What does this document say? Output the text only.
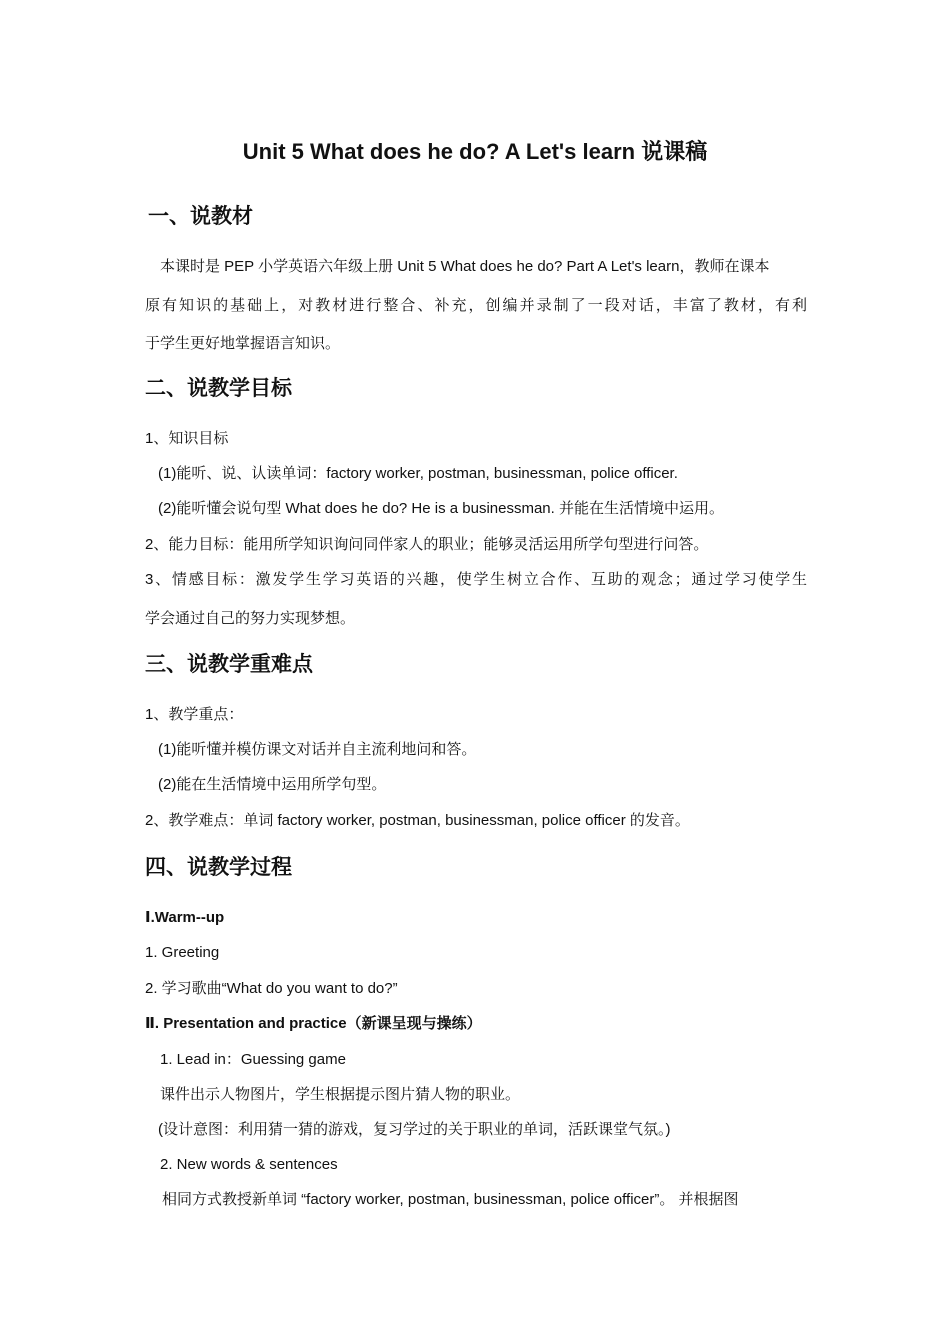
Unit 5 What does he do? A Let's learn 说课稿
一、说教材
本课时是 PEP 小学英语六年级上册 Unit 5 What does he do? Part A Let's learn，教师在课本
原有知识的基础上，对教材进行整合、补充，创编并录制了一段对话，丰富了教材，有利
于学生更好地掌握语言知识。
二、说教学目标
1、知识目标
(1)能听、说、认读单词：factory worker, postman, businessman, police officer.
(2)能听懂会说句型 What does he do? He is a businessman. 并能在生活情境中运用。
2、能力目标：能用所学知识询问同伴家人的职业；能够灵活运用所学句型进行问答。
3、情感目标：激发学生学习英语的兴趣，使学生树立合作、互助的观念；通过学习使学生
学会通过自己的努力实现梦想。
三、说教学重难点
1、教学重点：
(1)能听懂并模仿课文对话并自主流利地问和答。
(2)能在生活情境中运用所学句型。
2、教学难点：单词 factory worker, postman, businessman, police officer 的发音。
四、说教学过程
Ⅰ.Warm--up
1. Greeting
2. 学习歌曲“What do you want to do?”
Ⅱ. Presentation and practice（新课呈现与操练）
1. Lead in：Guessing game
课件出示人物图片，学生根据提示图片猜人物的职业。
(设计意图：利用猜一猜的游戏，复习学过的关于职业的单词，活跃课堂气氛。)
2. New words & sentences
相同方式教授新单词 “factory worker, postman, businessman, police officer”。 并根据图
